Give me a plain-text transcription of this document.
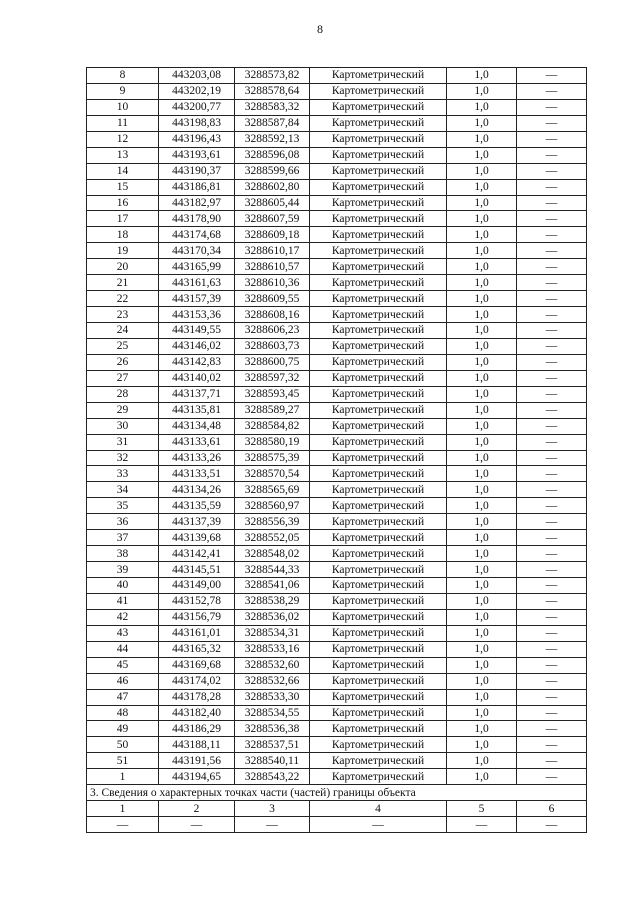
8
8	443203,08	3288573,82	Картометрический	1,0	—
9	443202,19	3288578,64	Картометрический	1,0	—
10	443200,77	3288583,32	Картометрический	1,0	—
11	443198,83	3288587,84	Картометрический	1,0	—
12	443196,43	3288592,13	Картометрический	1,0	—
13	443193,61	3288596,08	Картометрический	1,0	—
14	443190,37	3288599,66	Картометрический	1,0	—
15	443186,81	3288602,80	Картометрический	1,0	—
16	443182,97	3288605,44	Картометрический	1,0	—
17	443178,90	3288607,59	Картометрический	1,0	—
18	443174,68	3288609,18	Картометрический	1,0	—
19	443170,34	3288610,17	Картометрический	1,0	—
20	443165,99	3288610,57	Картометрический	1,0	—
21	443161,63	3288610,36	Картометрический	1,0	—
22	443157,39	3288609,55	Картометрический	1,0	—
23	443153,36	3288608,16	Картометрический	1,0	—
24	443149,55	3288606,23	Картометрический	1,0	—
25	443146,02	3288603,73	Картометрический	1,0	—
26	443142,83	3288600,75	Картометрический	1,0	—
27	443140,02	3288597,32	Картометрический	1,0	—
28	443137,71	3288593,45	Картометрический	1,0	—
29	443135,81	3288589,27	Картометрический	1,0	—
30	443134,48	3288584,82	Картометрический	1,0	—
31	443133,61	3288580,19	Картометрический	1,0	—
32	443133,26	3288575,39	Картометрический	1,0	—
33	443133,51	3288570,54	Картометрический	1,0	—
34	443134,26	3288565,69	Картометрический	1,0	—
35	443135,59	3288560,97	Картометрический	1,0	—
36	443137,39	3288556,39	Картометрический	1,0	—
37	443139,68	3288552,05	Картометрический	1,0	—
38	443142,41	3288548,02	Картометрический	1,0	—
39	443145,51	3288544,33	Картометрический	1,0	—
40	443149,00	3288541,06	Картометрический	1,0	—
41	443152,78	3288538,29	Картометрический	1,0	—
42	443156,79	3288536,02	Картометрический	1,0	—
43	443161,01	3288534,31	Картометрический	1,0	—
44	443165,32	3288533,16	Картометрический	1,0	—
45	443169,68	3288532,60	Картометрический	1,0	—
46	443174,02	3288532,66	Картометрический	1,0	—
47	443178,28	3288533,30	Картометрический	1,0	—
48	443182,40	3288534,55	Картометрический	1,0	—
49	443186,29	3288536,38	Картометрический	1,0	—
50	443188,11	3288537,51	Картометрический	1,0	—
51	443191,56	3288540,11	Картометрический	1,0	—
1	443194,65	3288543,22	Картометрический	1,0	—
3. Сведения о характерных точках части (частей) границы объекта					
1	2	3	4	5	6
—	—	—	—	—	—
